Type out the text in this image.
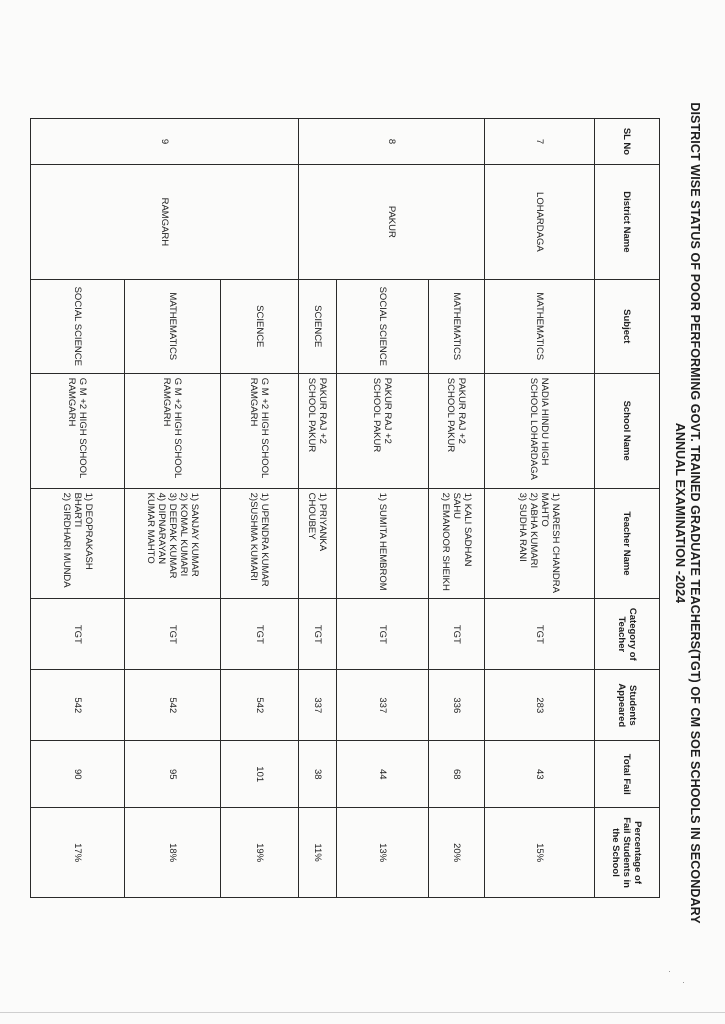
DISTRICT WISE STATUS OF POOR PERFORMING GOVT. TRAINED GRADUATE TEACHERS(TGT) OF CM SOE SCHOOLS IN SECONDARY ANNUAL EXAMINATION -2024
SL No	District Name	Subject	School Name	Teacher Name	Category of Teacher	Students Appeared	Total Fail	Percentage of Fail Students in the School
7	LOHARDAGA	MATHEMATICS	NADIA HINDU HIGH SCHOOL LOHARDAGA	1) NARESH CHANDRA MAHTO
2) ABHA KUMARI
3) SUDHA RANI	TGT	283	43	15%
8	PAKUR	MATHEMATICS	PAKUR RAJ +2 SCHOOL PAKUR	1) KALI SADHAN SAHU
2) EMANOOR SHEIKH	TGT	336	68	20%
		SOCIAL SCIENCE	PAKUR RAJ +2 SCHOOL PAKUR	1) SUMITA HEMBROM	TGT	337	44	13%
		SCIENCE	PAKUR RAJ +2 SCHOOL PAKUR	1) PRIYANKA CHOUBEY	TGT	337	38	11%
9	RAMGARH	SCIENCE	G M +2 HIGH SCHOOL RAMGARH	1) UPENDRA KUMAR
2)SUSHMA KUMARI	TGT	542	101	19%
		MATHEMATICS	G M +2 HIGH SCHOOL RAMGARH	1) SANJAY KUMAR
2) KOMAL KUMARI
3) DEEPAK KUMAR
4) DIPNARAYAN KUMAR MAHTO	TGT	542	95	18%
		SOCIAL SCIENCE	G M +2 HIGH SCHOOL RAMGARH	1) DEOPRAKASH BHARTI
2) GIRDHARI MUNDA	TGT	542	90	17%
·
·
